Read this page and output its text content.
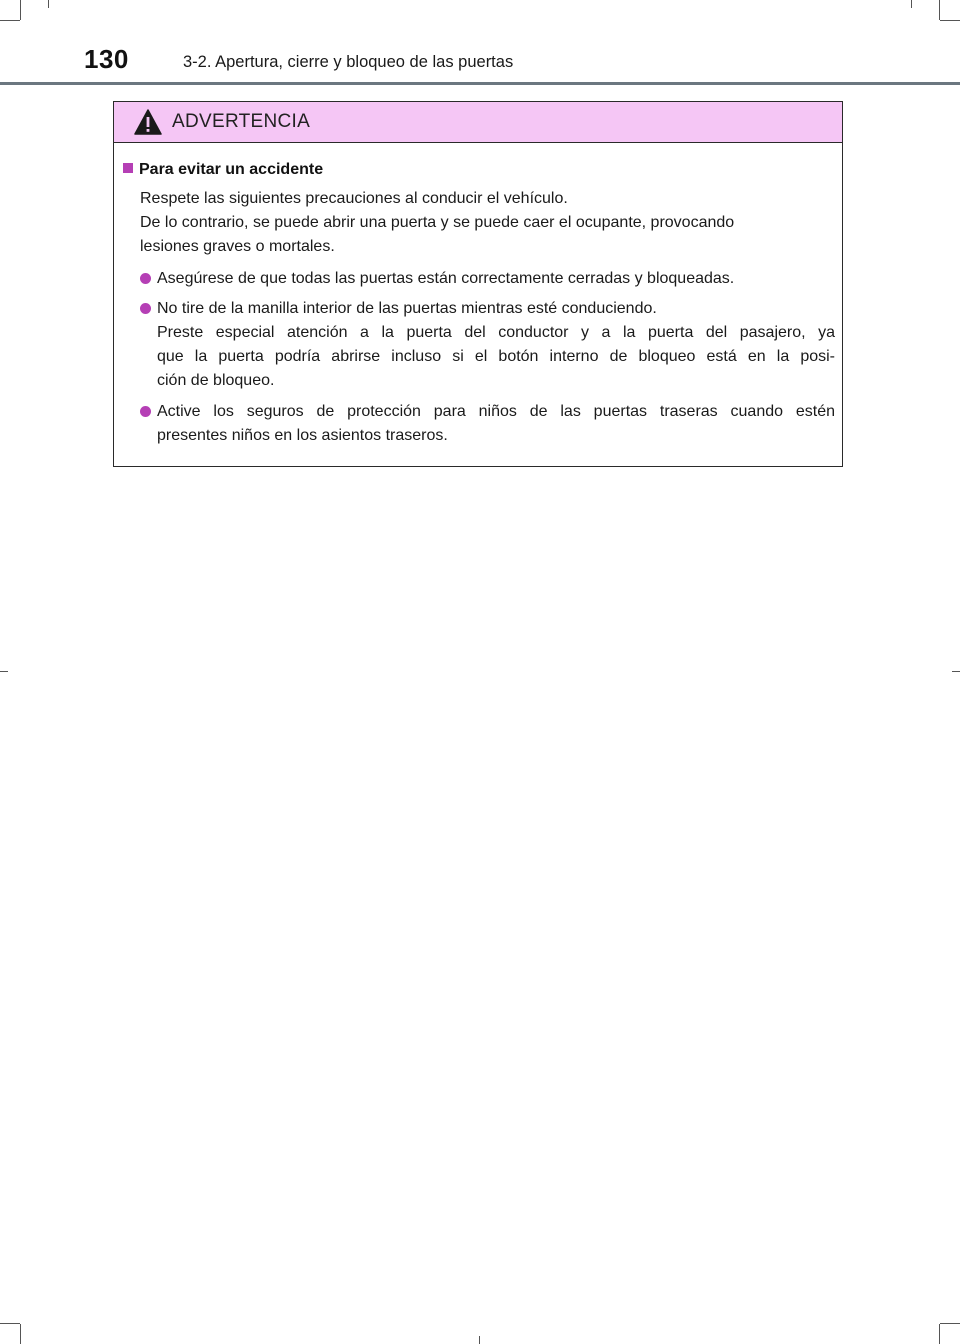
130	3-2. Apertura, cierre y bloqueo de las puertas
ADVERTENCIA
Para evitar un accidente
Respete las siguientes precauciones al conducir el vehículo.
De lo contrario, se puede abrir una puerta y se puede caer el ocupante, provocando
lesiones graves o mortales.
Asegúrese de que todas las puertas están correctamente cerradas y bloqueadas.
No tire de la manilla interior de las puertas mientras esté conduciendo.
Preste especial atención a la puerta del conductor y a la puerta del pasajero, ya
que la puerta podría abrirse incluso si el botón interno de bloqueo está en la posi-
ción de bloqueo.
Active los seguros de protección para niños de las puertas traseras cuando estén
presentes niños en los asientos traseros.
